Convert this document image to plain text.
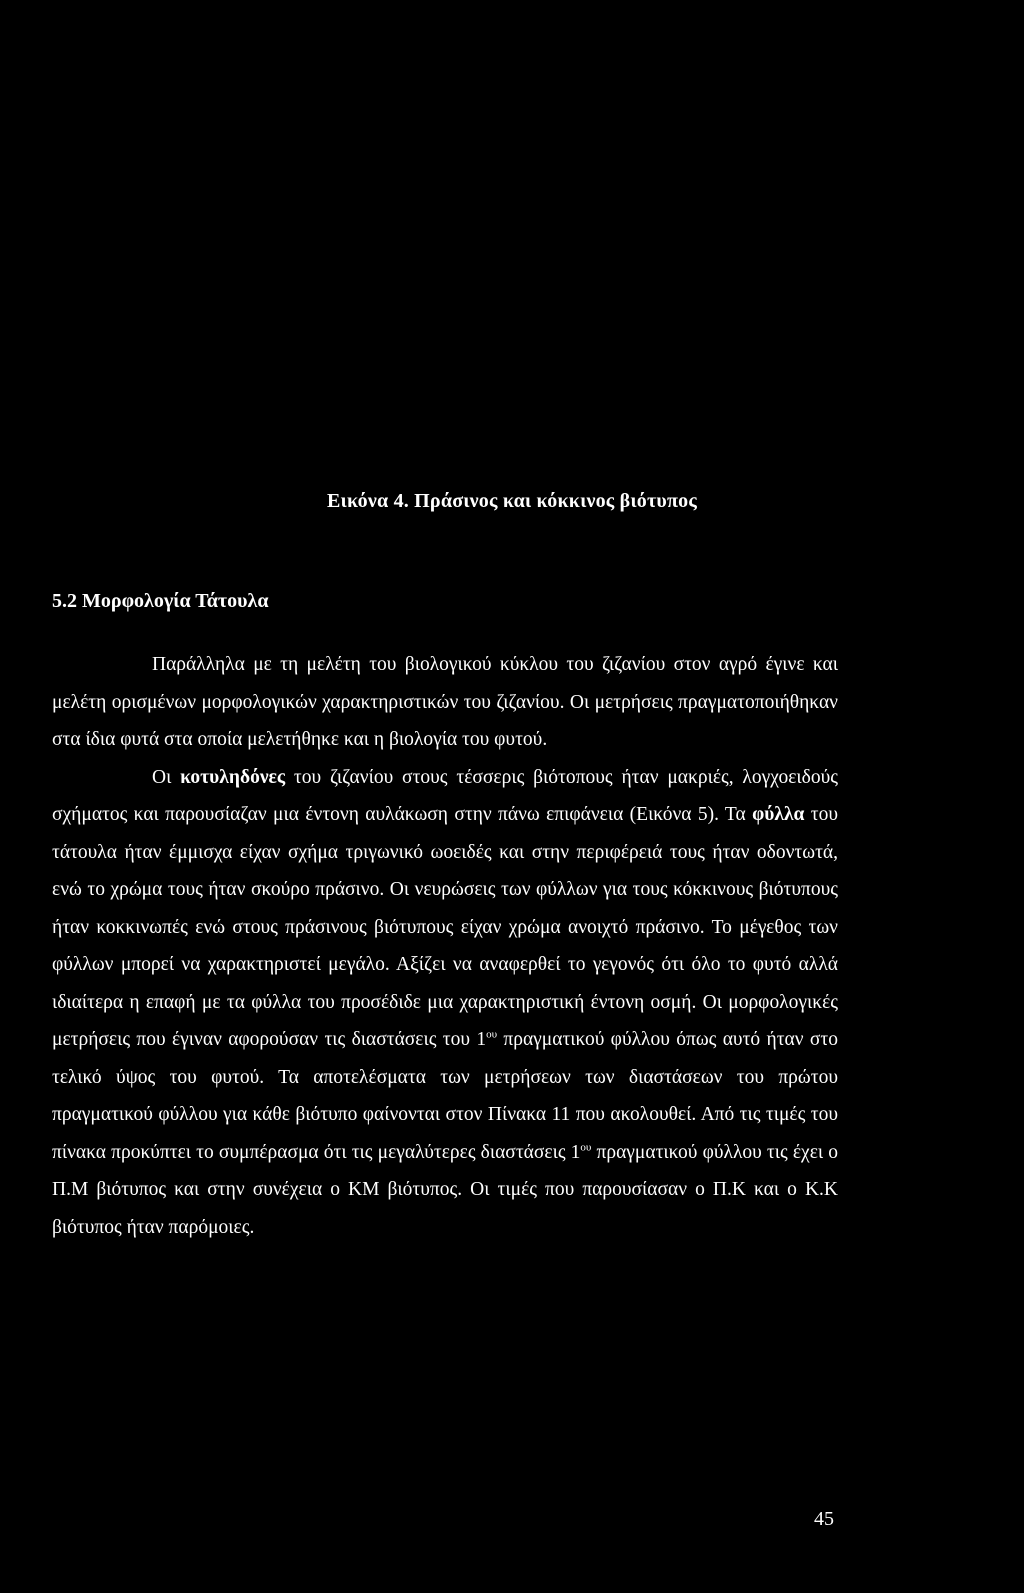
Εικόνα 4. Πράσινος και κόκκινος βιότυπος
5.2 Μορφολογία Τάτουλα

Παράλληλα με τη μελέτη του βιολογικού κύκλου του ζιζανίου στον αγρό έγινε και μελέτη ορισμένων μορφολογικών χαρακτηριστικών του ζιζανίου. Οι μετρήσεις πραγματοποιήθηκαν στα ίδια φυτά στα οποία μελετήθηκε και η βιολογία του φυτού.

Οι κοτυληδόνες του ζιζανίου στους τέσσερις βιότοπους ήταν μακριές, λογχοειδούς σχήματος και παρουσίαζαν μια έντονη αυλάκωση στην πάνω επιφάνεια (Εικόνα 5). Τα φύλλα του τάτουλα ήταν έμμισχα είχαν σχήμα τριγωνικό ωοειδές και στην περιφέρειά τους ήταν οδοντωτά, ενώ το χρώμα τους ήταν σκούρο πράσινο. Οι νευρώσεις των φύλλων για τους κόκκινους βιότυπους ήταν κοκκινωπές ενώ στους πράσινους βιότυπους είχαν χρώμα ανοιχτό πράσινο. Το μέγεθος των φύλλων μπορεί να χαρακτηριστεί μεγάλο. Αξίζει να αναφερθεί το γεγονός ότι όλο το φυτό αλλά ιδιαίτερα η επαφή με τα φύλλα του προσέδιδε μια χαρακτηριστική έντονη οσμή. Οι μορφολογικές μετρήσεις που έγιναν αφορούσαν τις διαστάσεις του $1^{o\upsilon}$ πραγματικού φύλλου όπως αυτό ήταν στο τελικό ύψος του φυτού. Τα αποτελέσματα των μετρήσεων των διαστάσεων του πρώτου πραγματικού φύλλου για κάθε βιότυπο φαίνονται στον Πίνακα 11 που ακολουθεί. Από τις τιμές του πίνακα προκύπτει το συμπέρασμα ότι τις μεγαλύτερες διαστάσεις $1^{o\upsilon}$ πραγματικού φύλλου τις έχει ο Π.Μ βιότυπος και στην συνέχεια ο ΚΜ βιότυπος. Οι τιμές που παρουσίασαν ο Π.Κ και ο Κ.Κ βιότυπος ήταν παρόμοιες.

45
